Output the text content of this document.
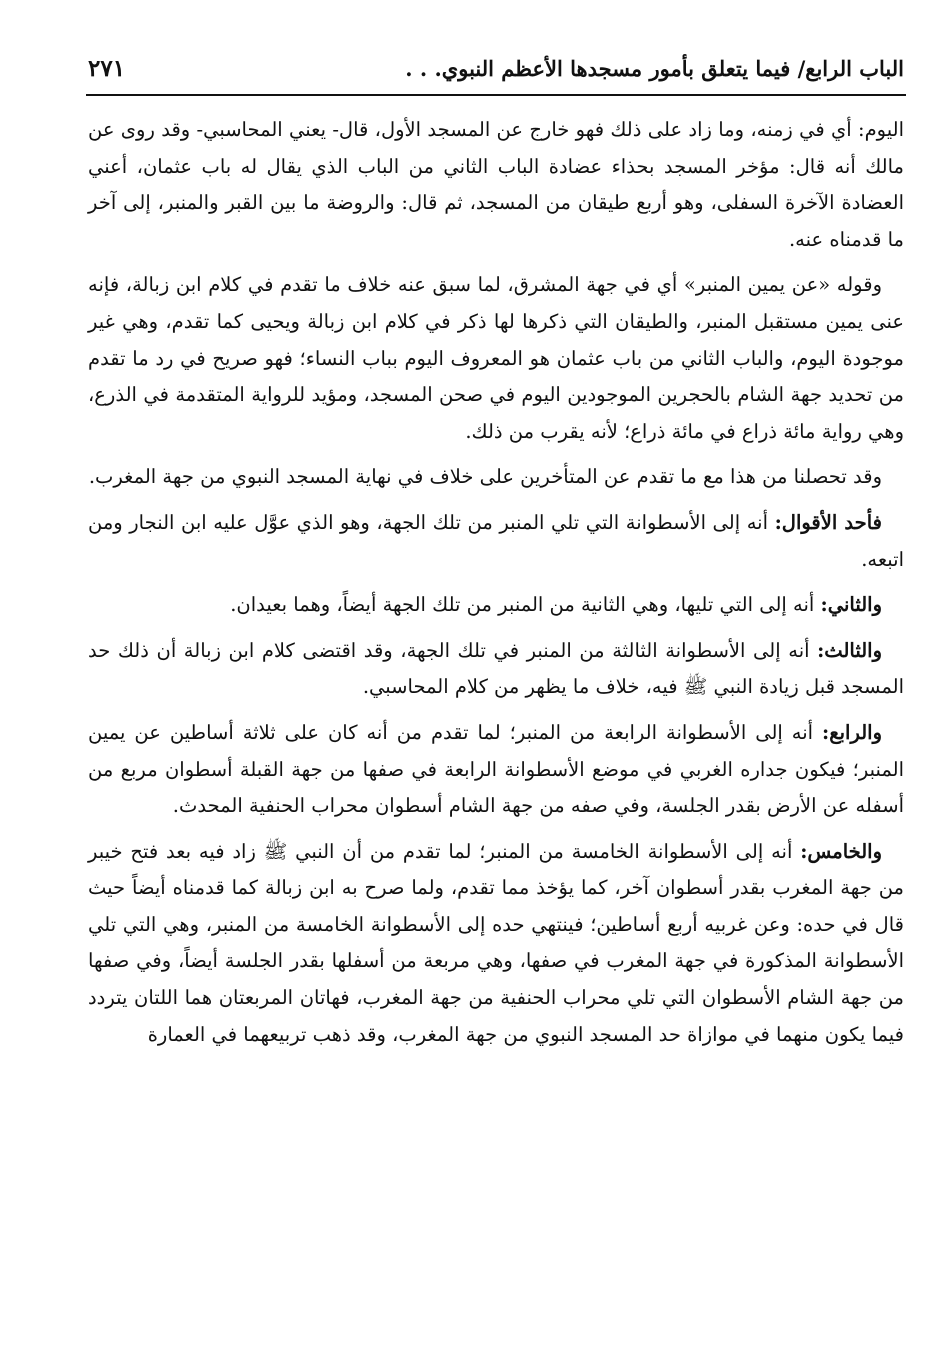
الباب الرابع/ فيما يتعلق بأمور مسجدها الأعظم النبوي. . .
٢٧١

اليوم: أي في زمنه، وما زاد على ذلك فهو خارج عن المسجد الأول، قال- يعني المحاسبي- وقد روى عن مالك أنه قال: مؤخر المسجد بحذاء عضادة الباب الثاني من الباب الذي يقال له باب عثمان، أعني العضادة الآخرة السفلى، وهو أربع طيقان من المسجد، ثم قال: والروضة ما بين القبر والمنبر، إلى آخر ما قدمناه عنه.

وقوله «عن يمين المنبر» أي في جهة المشرق، لما سبق عنه خلاف ما تقدم في كلام ابن زبالة، فإنه عنى يمين مستقبل المنبر، والطيقان التي ذكرها لها ذكر في كلام ابن زبالة ويحيى كما تقدم، وهي غير موجودة اليوم، والباب الثاني من باب عثمان هو المعروف اليوم بباب النساء؛ فهو صريح في رد ما تقدم من تحديد جهة الشام بالحجرين الموجودين اليوم في صحن المسجد، ومؤيد للرواية المتقدمة في الذرع، وهي رواية مائة ذراع في مائة ذراع؛ لأنه يقرب من ذلك.

وقد تحصلنا من هذا مع ما تقدم عن المتأخرين على خلاف في نهاية المسجد النبوي من جهة المغرب.

فأحد الأقوال: أنه إلى الأسطوانة التي تلي المنبر من تلك الجهة، وهو الذي عوَّل عليه ابن النجار ومن اتبعه.

والثاني: أنه إلى التي تليها، وهي الثانية من المنبر من تلك الجهة أيضاً، وهما بعيدان.

والثالث: أنه إلى الأسطوانة الثالثة من المنبر في تلك الجهة، وقد اقتضى كلام ابن زبالة أن ذلك حد المسجد قبل زيادة النبي ﷺ فيه، خلاف ما يظهر من كلام المحاسبي.

والرابع: أنه إلى الأسطوانة الرابعة من المنبر؛ لما تقدم من أنه كان على ثلاثة أساطين عن يمين المنبر؛ فيكون جداره الغربي في موضع الأسطوانة الرابعة في صفها من جهة القبلة أسطوان مربع من أسفله عن الأرض بقدر الجلسة، وفي صفه من جهة الشام أسطوان محراب الحنفية المحدث.

والخامس: أنه إلى الأسطوانة الخامسة من المنبر؛ لما تقدم من أن النبي ﷺ زاد فيه بعد فتح خيبر من جهة المغرب بقدر أسطوان آخر، كما يؤخذ مما تقدم، ولما صرح به ابن زبالة كما قدمناه أيضاً حيث قال في حده: وعن غربيه أربع أساطين؛ فينتهي حده إلى الأسطوانة الخامسة من المنبر، وهي التي تلي الأسطوانة المذكورة في جهة المغرب في صفها، وهي مربعة من أسفلها بقدر الجلسة أيضاً، وفي صفها من جهة الشام الأسطوان التي تلي محراب الحنفية من جهة المغرب، فهاتان المربعتان هما اللتان يتردد فيما يكون منهما في موازاة حد المسجد النبوي من جهة المغرب، وقد ذهب تربيعهما في العمارة
